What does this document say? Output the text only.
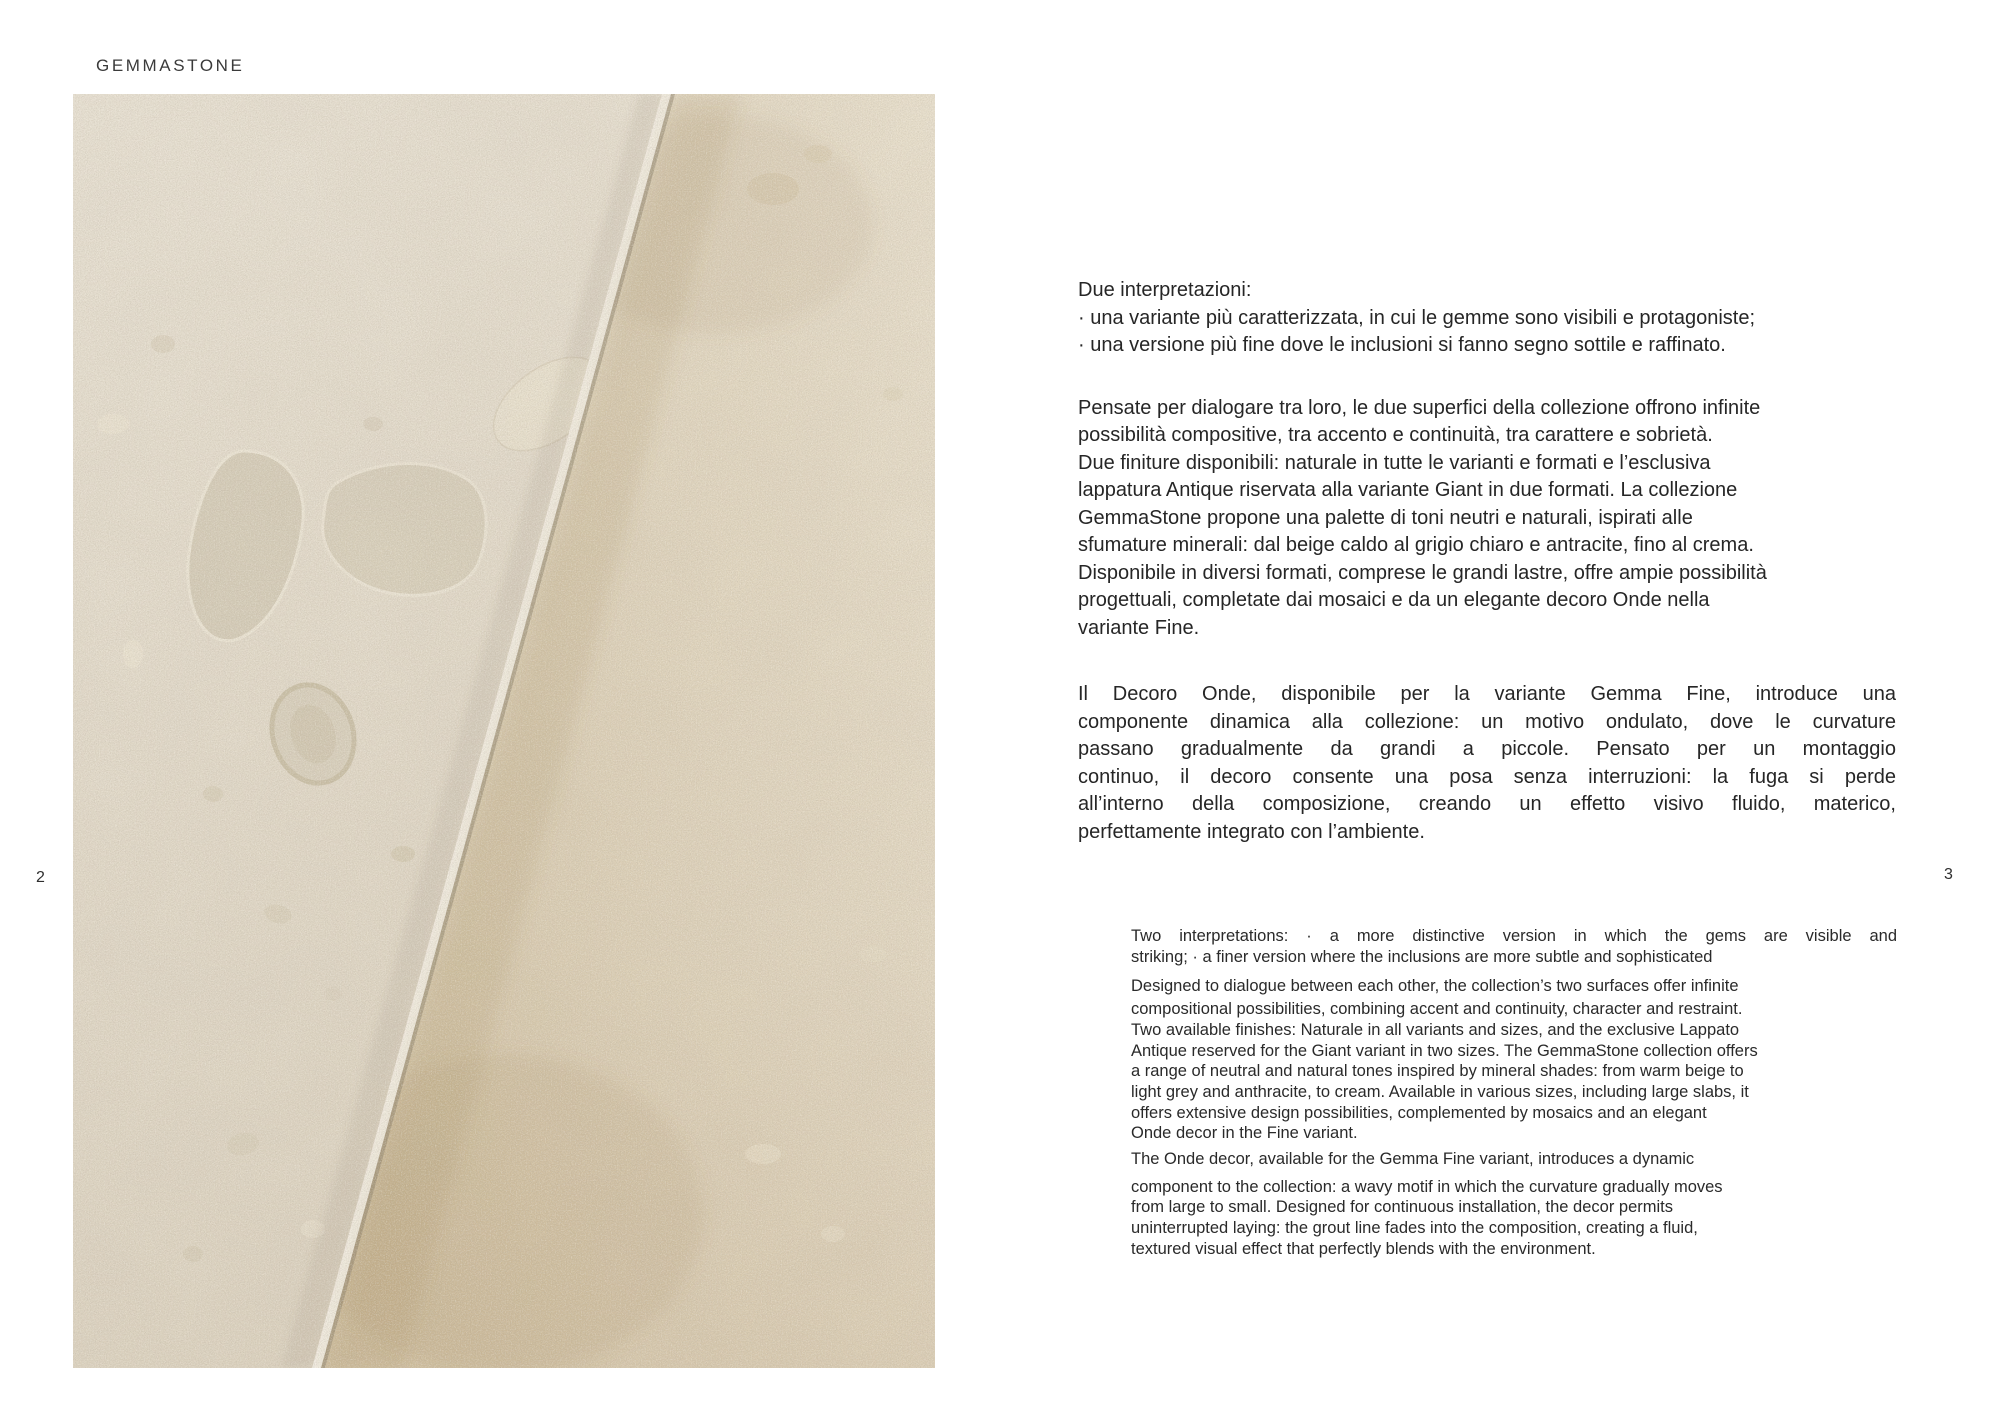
GEMMASTONE
2	3
Due interpretazioni:
· una variante più caratterizzata, in cui le gemme sono visibili e protagoniste;
· una versione più fine dove le inclusioni si fanno segno sottile e raffinato.
Pensate per dialogare tra loro, le due superfici della collezione offrono infinite
possibilità compositive, tra accento e continuità, tra carattere e sobrietà.
Due finiture disponibili: naturale in tutte le varianti e formati e l’esclusiva
lappatura Antique riservata alla variante Giant in due formati. La collezione
GemmaStone propone una palette di toni neutri e naturali, ispirati alle
sfumature minerali: dal beige caldo al grigio chiaro e antracite, fino al crema.
Disponibile in diversi formati, comprese le grandi lastre, offre ampie possibilità
progettuali, completate dai mosaici e da un elegante decoro Onde nella
variante Fine.
Il Decoro Onde, disponibile per la variante Gemma Fine, introduce una
componente dinamica alla collezione: un motivo ondulato, dove le curvature
passano gradualmente da grandi a piccole. Pensato per un montaggio
continuo, il decoro consente una posa senza interruzioni: la fuga si perde
all’interno della composizione, creando un effetto visivo fluido, materico,
perfettamente integrato con l’ambiente.
Two interpretations: · a more distinctive version in which the gems are visible and
striking; · a finer version where the inclusions are more subtle and sophisticated
Designed to dialogue between each other, the collection’s two surfaces offer infinite
compositional possibilities, combining accent and continuity, character and restraint.
Two available finishes: Naturale in all variants and sizes, and the exclusive Lappato
Antique reserved for the Giant variant in two sizes. The GemmaStone collection offers
a range of neutral and natural tones inspired by mineral shades: from warm beige to
light grey and anthracite, to cream. Available in various sizes, including large slabs, it
offers extensive design possibilities, complemented by mosaics and an elegant
Onde decor in the Fine variant.
The Onde decor, available for the Gemma Fine variant, introduces a dynamic
component to the collection: a wavy motif in which the curvature gradually moves
from large to small. Designed for continuous installation, the decor permits
uninterrupted laying: the grout line fades into the composition, creating a fluid,
textured visual effect that perfectly blends with the environment.
